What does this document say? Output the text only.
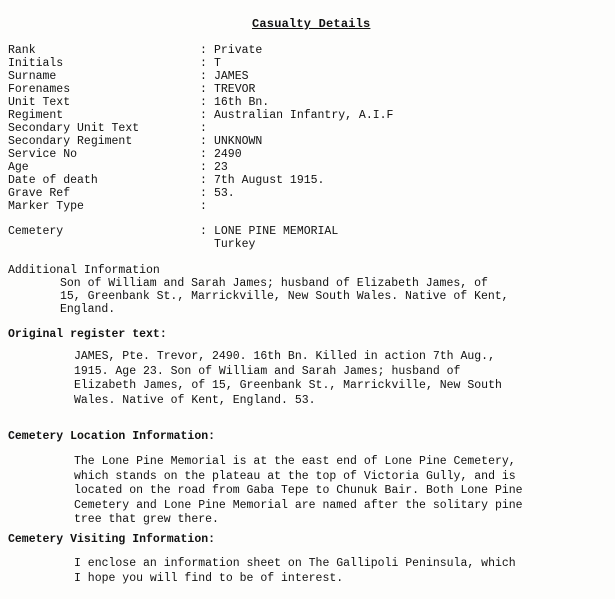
Casualty Details
Rank	: Private
Initials	: T
Surname	: JAMES
Forenames	: TREVOR
Unit Text	: 16th Bn.
Regiment	: Australian Infantry, A.I.F
Secondary Unit Text	:
Secondary Regiment	: UNKNOWN
Service No	: 2490
Age	: 23
Date of death	: 7th August 1915.
Grave Ref	: 53.
Marker Type	:
Cemetery	: LONE PINE MEMORIAL
Turkey
Additional Information
Son of William and Sarah James; husband of Elizabeth James, of
15, Greenbank St., Marrickville, New South Wales. Native of Kent,
England.
Original register text:
JAMES, Pte. Trevor, 2490. 16th Bn. Killed in action 7th Aug.,
1915. Age 23. Son of William and Sarah James; husband of
Elizabeth James, of 15, Greenbank St., Marrickville, New South
Wales. Native of Kent, England. 53.
Cemetery Location Information:
The Lone Pine Memorial is at the east end of Lone Pine Cemetery,
which stands on the plateau at the top of Victoria Gully, and is
located on the road from Gaba Tepe to Chunuk Bair. Both Lone Pine
Cemetery and Lone Pine Memorial are named after the solitary pine
tree that grew there.
Cemetery Visiting Information:
I enclose an information sheet on The Gallipoli Peninsula, which
I hope you will find to be of interest.
